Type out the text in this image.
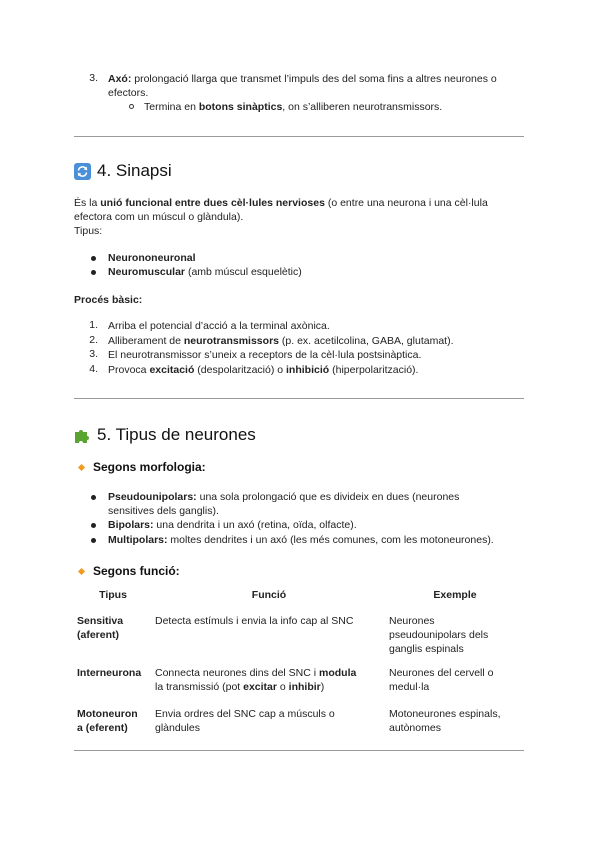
3. Axó: prolongació llarga que transmet l’impuls des del soma fins a altres neurones o
efectors.
Termina en botons sinàptics, on s’alliberen neurotransmissors.
4. Sinapsi
És la unió funcional entre dues cèl·lules nervioses (o entre una neurona i una cèl·lula
efectora com un múscul o glàndula).
Tipus:
Neurononeuronal
Neuromuscular (amb múscul esquelètic)
Procés bàsic:
1. Arriba el potencial d’acció a la terminal axònica.
2. Alliberament de neurotransmissors (p. ex. acetilcolina, GABA, glutamat).
3. El neurotransmissor s’uneix a receptors de la cèl·lula postsinàptica.
4. Provoca excitació (despolarització) o inhibició (hiperpolarització).
5. Tipus de neurones
Segons morfologia:
Pseudounipolars: una sola prolongació que es divideix en dues (neurones
sensitives dels ganglis).
Bipolars: una dendrita i un axó (retina, oïda, olfacte).
Multipolars: moltes dendrites i un axó (les més comunes, com les motoneurones).
Segons funció:
Tipus	Funció	Exemple
Sensitiva
(aferent)	Detecta estímuls i envia la info cap al SNC	Neurones
pseudounipolars dels
ganglis espinals
Interneurona	Connecta neurones dins del SNC i modula
la transmissió (pot excitar o inhibir)	Neurones del cervell o
medul·la
Motoneuron
a (eferent)	Envia ordres del SNC cap a músculs o
glàndules	Motoneurones espinals,
autònomes
